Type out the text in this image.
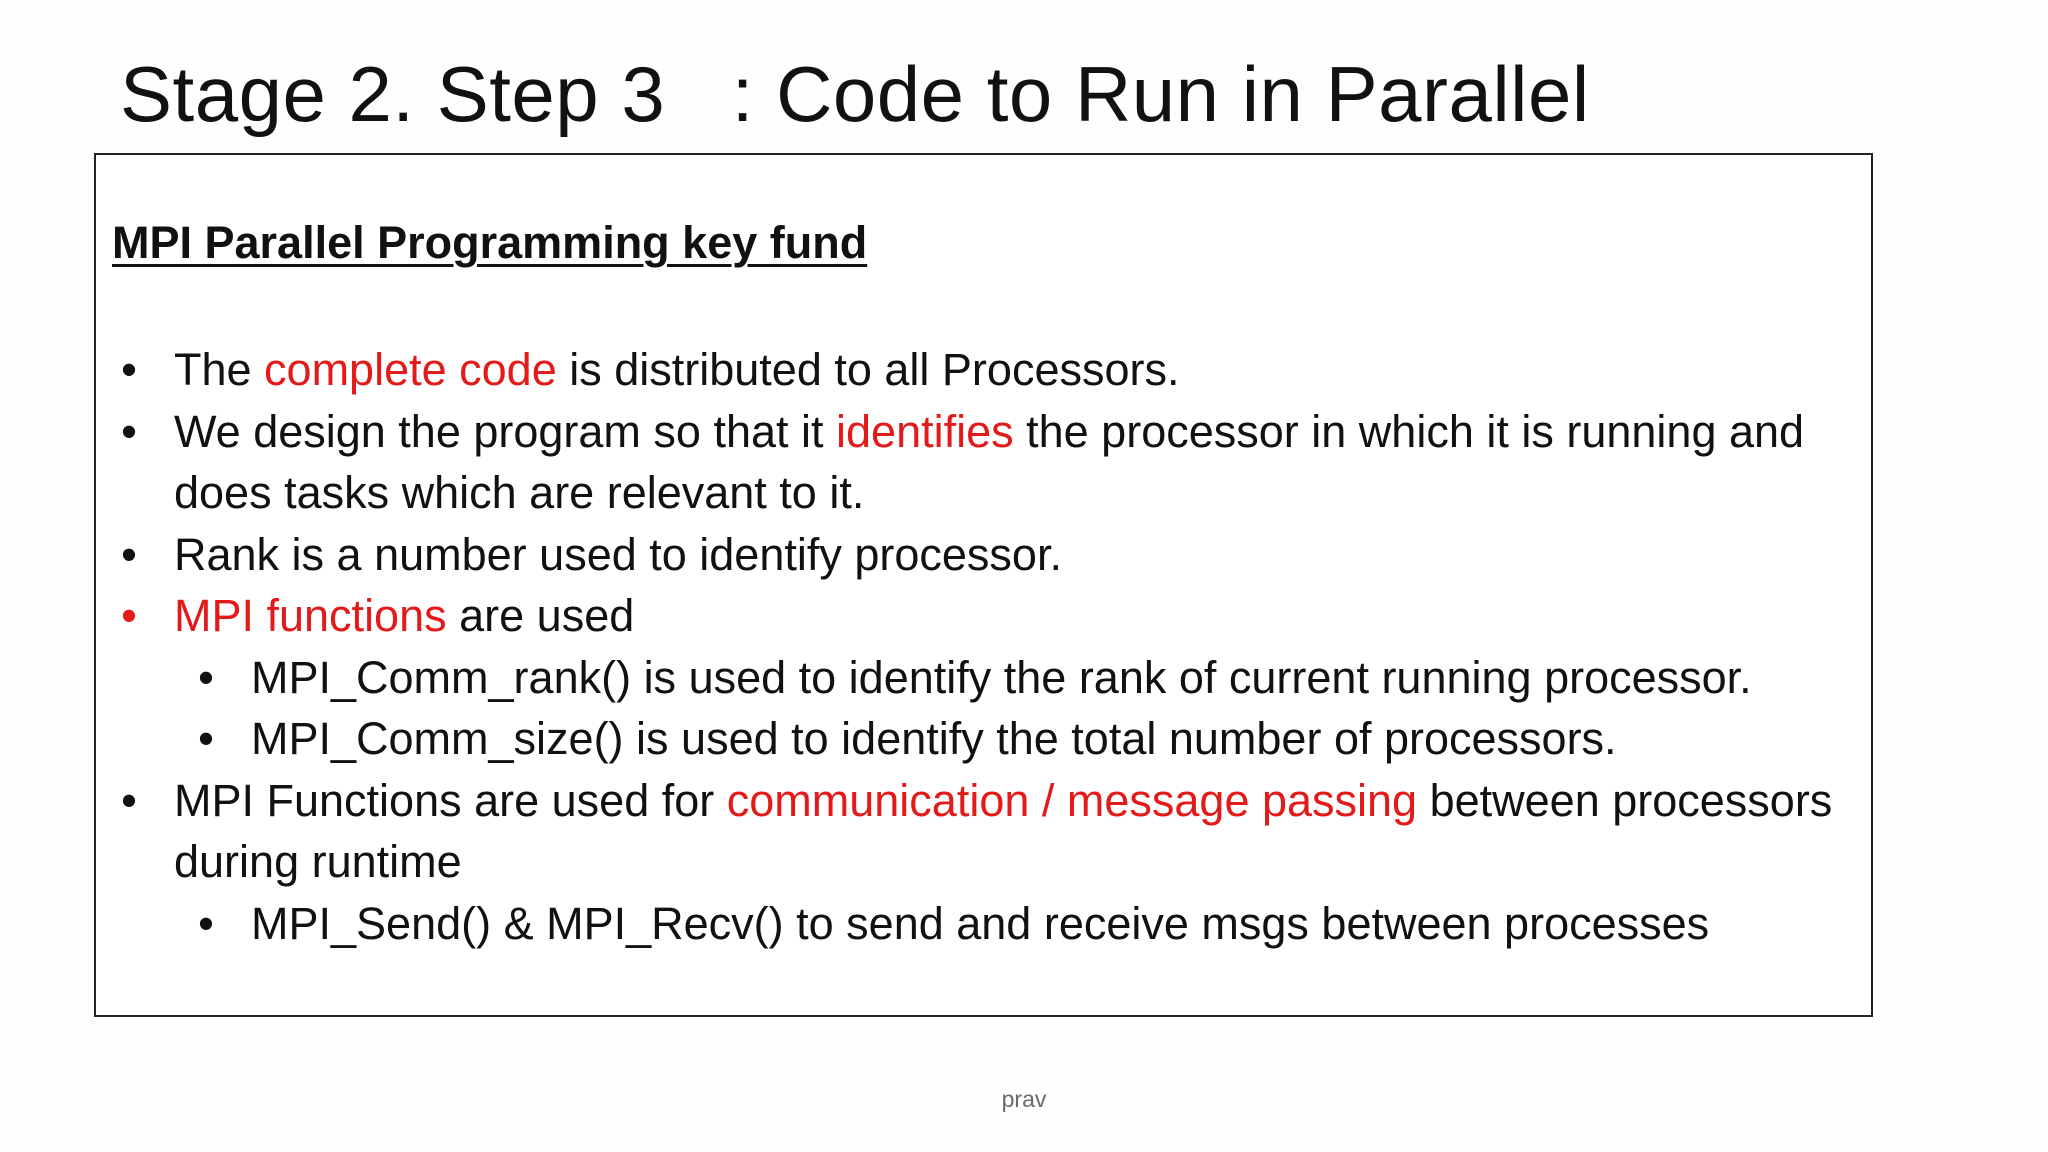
Stage 2. Step 3   : Code to Run in Parallel
MPI Parallel Programming key fund
• The complete code is distributed to all Processors.
• We design the program so that it identifies the processor in which it is running and does tasks which are relevant to it.
• Rank is a number used to identify processor.
• MPI functions are used
• MPI_Comm_rank() is used to identify the rank of current running processor.
• MPI_Comm_size() is used to identify the total number of processors.
• MPI Functions are used for communication / message passing between processors during runtime
• MPI_Send() & MPI_Recv() to send and receive msgs between processes
prav
